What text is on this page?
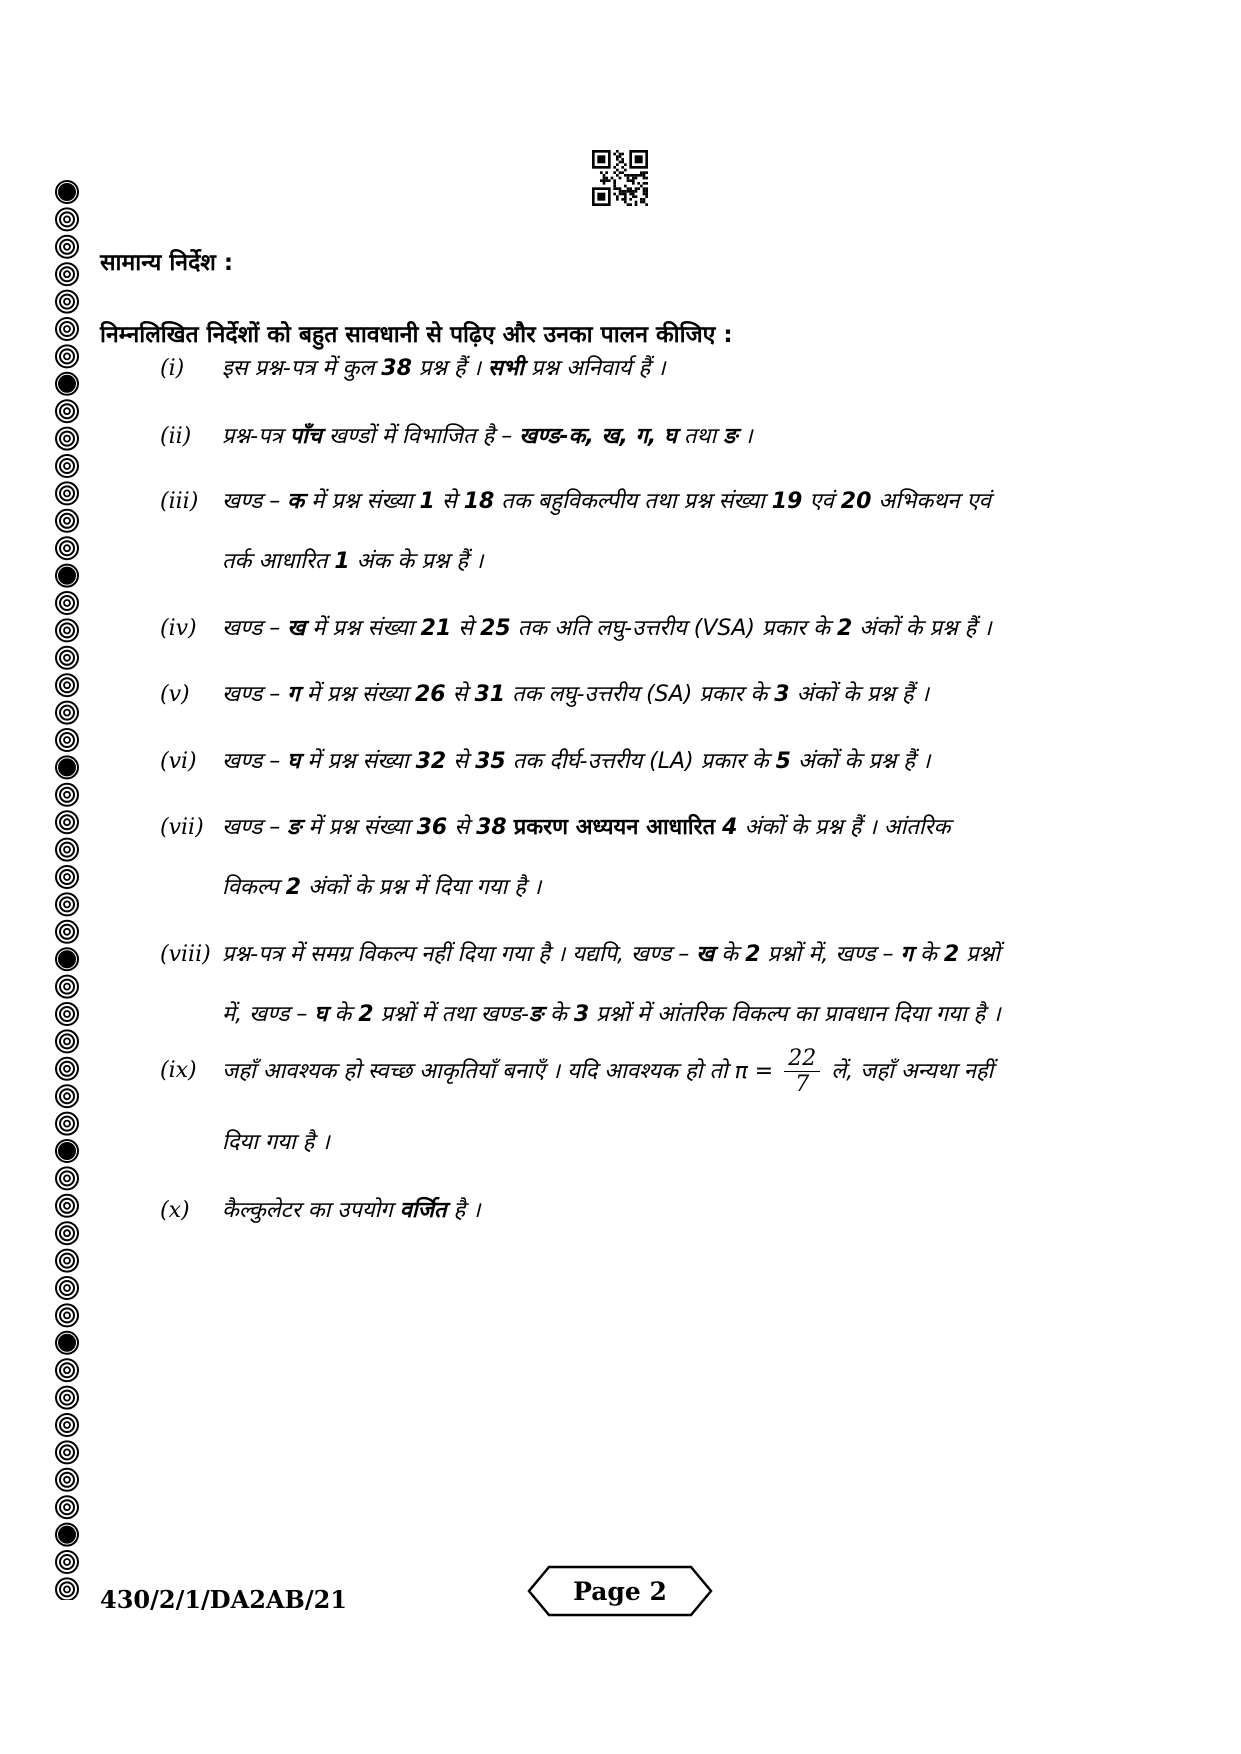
सामान्य निर्देश :
निम्नलिखित निर्देशों को बहुत सावधानी से पढ़िए और उनका पालन कीजिए :
(i) इस प्रश्न-पत्र में कुल 38 प्रश्न हैं । सभी प्रश्न अनिवार्य हैं ।
(ii) प्रश्न-पत्र पाँच खण्डों में विभाजित है – खण्ड-क, ख, ग, घ तथा ङ ।
(iii) खण्ड – क में प्रश्न संख्या 1 से 18 तक बहुविकल्पीय तथा प्रश्न संख्या 19 एवं 20 अभिकथन एवं
तर्क आधारित 1 अंक के प्रश्न हैं ।
(iv) खण्ड – ख में प्रश्न संख्या 21 से 25 तक अति लघु-उत्तरीय (VSA) प्रकार के 2 अंकों के प्रश्न हैं ।
(v) खण्ड – ग में प्रश्न संख्या 26 से 31 तक लघु-उत्तरीय (SA) प्रकार के 3 अंकों के प्रश्न हैं ।
(vi) खण्ड – घ में प्रश्न संख्या 32 से 35 तक दीर्घ-उत्तरीय (LA) प्रकार के 5 अंकों के प्रश्न हैं ।
(vii) खण्ड – ङ में प्रश्न संख्या 36 से 38 प्रकरण अध्ययन आधारित 4 अंकों के प्रश्न हैं । आंतरिक
विकल्प 2 अंकों के प्रश्न में दिया गया है ।
(viii) प्रश्न-पत्र में समग्र विकल्प नहीं दिया गया है । यद्यपि, खण्ड – ख के 2 प्रश्नों में, खण्ड – ग के 2 प्रश्नों
में, खण्ड – घ के 2 प्रश्नों में तथा खण्ड-ङ के 3 प्रश्नों में आंतरिक विकल्प का प्रावधान दिया गया है ।
(ix) जहाँ आवश्यक हो स्वच्छ आकृतियाँ बनाएँ । यदि आवश्यक हो तो $\pi = \frac{22}{7}$ लें, जहाँ अन्यथा नहीं
दिया गया है ।
(x) कैल्कुलेटर का उपयोग वर्जित है ।
430/2/1/DA2AB/21	Page 2
